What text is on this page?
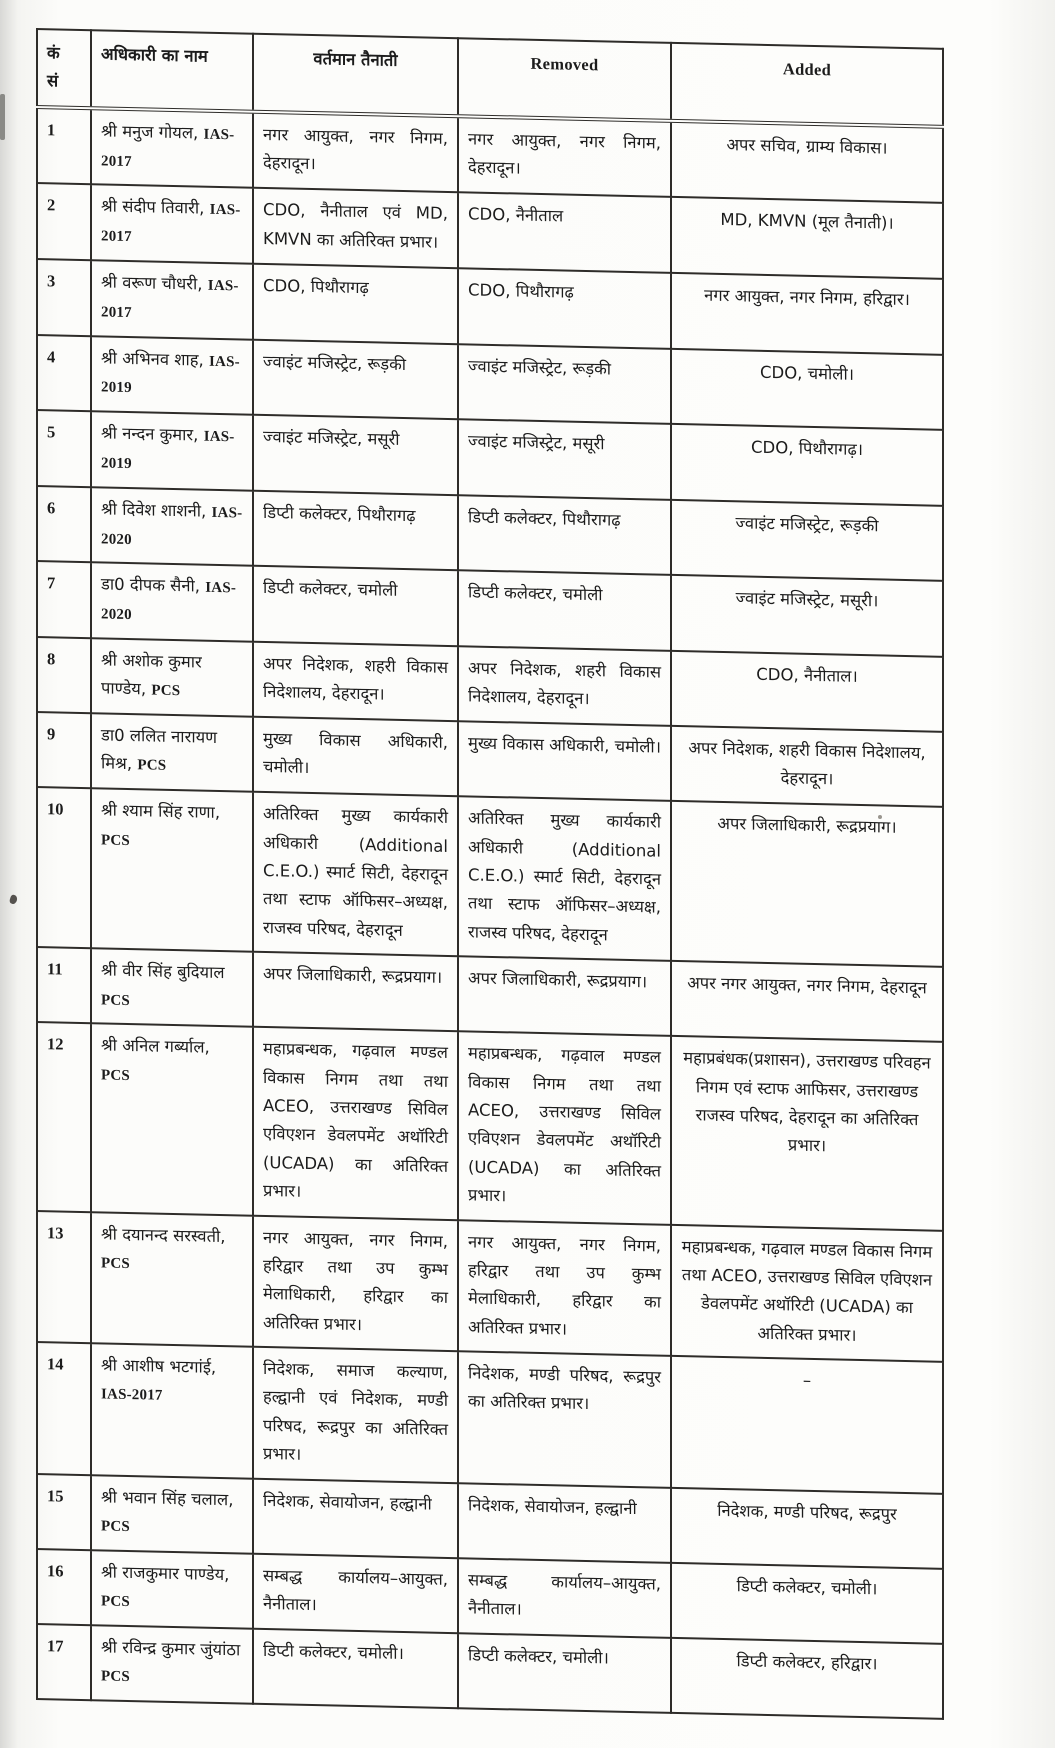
कं
सं	अधिकारी का नाम	वर्तमान तैनाती	Removed	Added
1	श्री मनुज गोयल, IAS-2017	नगर आयुक्त, नगर निगम, देहरादून।	नगर आयुक्त, नगर निगम, देहरादून।	अपर सचिव, ग्राम्य विकास।
2	श्री संदीप तिवारी, IAS-2017	CDO, नैनीताल एवं MD, KMVN का अतिरिक्त प्रभार।	CDO, नैनीताल	MD, KMVN (मूल तैनाती)।
3	श्री वरूण चौधरी, IAS-2017	CDO, पिथौरागढ़	CDO, पिथौरागढ़	नगर आयुक्त, नगर निगम, हरिद्वार।
4	श्री अभिनव शाह, IAS-2019	ज्वाइंट मजिस्ट्रेट, रूड़की	ज्वाइंट मजिस्ट्रेट, रूड़की	CDO, चमोली।
5	श्री नन्दन कुमार, IAS-2019	ज्वाइंट मजिस्ट्रेट, मसूरी	ज्वाइंट मजिस्ट्रेट, मसूरी	CDO, पिथौरागढ़।
6	श्री दिवेश शाशनी, IAS-2020	डिप्टी कलेक्टर, पिथौरागढ़	डिप्टी कलेक्टर, पिथौरागढ़	ज्वाइंट मजिस्ट्रेट, रूड़की
7	डा0 दीपक सैनी, IAS-2020	डिप्टी कलेक्टर, चमोली	डिप्टी कलेक्टर, चमोली	ज्वाइंट मजिस्ट्रेट, मसूरी।
8	श्री अशोक कुमार पाण्डेय, PCS	अपर निदेशक, शहरी विकास निदेशालय, देहरादून।	अपर निदेशक, शहरी विकास निदेशालय, देहरादून।	CDO, नैनीताल।
9	डा0 ललित नारायण मिश्र, PCS	मुख्य विकास अधिकारी, चमोली।	मुख्य विकास अधिकारी, चमोली।	अपर निदेशक, शहरी विकास निदेशालय, देहरादून।
10	श्री श्याम सिंह राणा, PCS	अतिरिक्त मुख्य कार्यकारी अधिकारी (Additional C.E.O.) स्मार्ट सिटी, देहरादून तथा स्टाफ ऑफिसर–अध्यक्ष, राजस्व परिषद, देहरादून	अतिरिक्त मुख्य कार्यकारी अधिकारी (Additional C.E.O.) स्मार्ट सिटी, देहरादून तथा स्टाफ ऑफिसर–अध्यक्ष, राजस्व परिषद, देहरादून	अपर जिलाधिकारी, रूद्रप्रयाग।
11	श्री वीर सिंह बुदियाल PCS	अपर जिलाधिकारी, रूद्रप्रयाग।	अपर जिलाधिकारी, रूद्रप्रयाग।	अपर नगर आयुक्त, नगर निगम, देहरादून
12	श्री अनिल गर्ब्याल, PCS	महाप्रबन्धक, गढ़वाल मण्डल विकास निगम तथा तथा ACEO, उत्तराखण्ड सिविल एविएशन डेवलपमेंट अथॉरिटी (UCADA) का अतिरिक्त प्रभार।	महाप्रबन्धक, गढ़वाल मण्डल विकास निगम तथा तथा ACEO, उत्तराखण्ड सिविल एविएशन डेवलपमेंट अथॉरिटी (UCADA) का अतिरिक्त प्रभार।	महाप्रबंधक(प्रशासन), उत्तराखण्ड परिवहन निगम एवं स्टाफ आफिसर, उत्तराखण्ड राजस्व परिषद, देहरादून का अतिरिक्त प्रभार।
13	श्री दयानन्द सरस्वती, PCS	नगर आयुक्त, नगर निगम, हरिद्वार तथा उप कुम्भ मेलाधिकारी, हरिद्वार का अतिरिक्त प्रभार।	नगर आयुक्त, नगर निगम, हरिद्वार तथा उप कुम्भ मेलाधिकारी, हरिद्वार का अतिरिक्त प्रभार।	महाप्रबन्धक, गढ़वाल मण्डल विकास निगम तथा ACEO, उत्तराखण्ड सिविल एविएशन डेवलपमेंट अथॉरिटी (UCADA) का अतिरिक्त प्रभार।
14	श्री आशीष भटगांई, IAS-2017	निदेशक, समाज कल्याण, हल्द्वानी एवं निदेशक, मण्डी परिषद, रूद्रपुर का अतिरिक्त प्रभार।	निदेशक, मण्डी परिषद, रूद्रपुर का अतिरिक्त प्रभार।	–
15	श्री भवान सिंह चलाल, PCS	निदेशक, सेवायोजन, हल्द्वानी	निदेशक, सेवायोजन, हल्द्वानी	निदेशक, मण्डी परिषद, रूद्रपुर
16	श्री राजकुमार पाण्डेय, PCS	सम्बद्ध कार्यालय–आयुक्त, नैनीताल।	सम्बद्ध कार्यालय–आयुक्त, नैनीताल।	डिप्टी कलेक्टर, चमोली।
17	श्री रविन्द्र कुमार जुंयांठा PCS	डिप्टी कलेक्टर, चमोली।	डिप्टी कलेक्टर, चमोली।	डिप्टी कलेक्टर, हरिद्वार।
